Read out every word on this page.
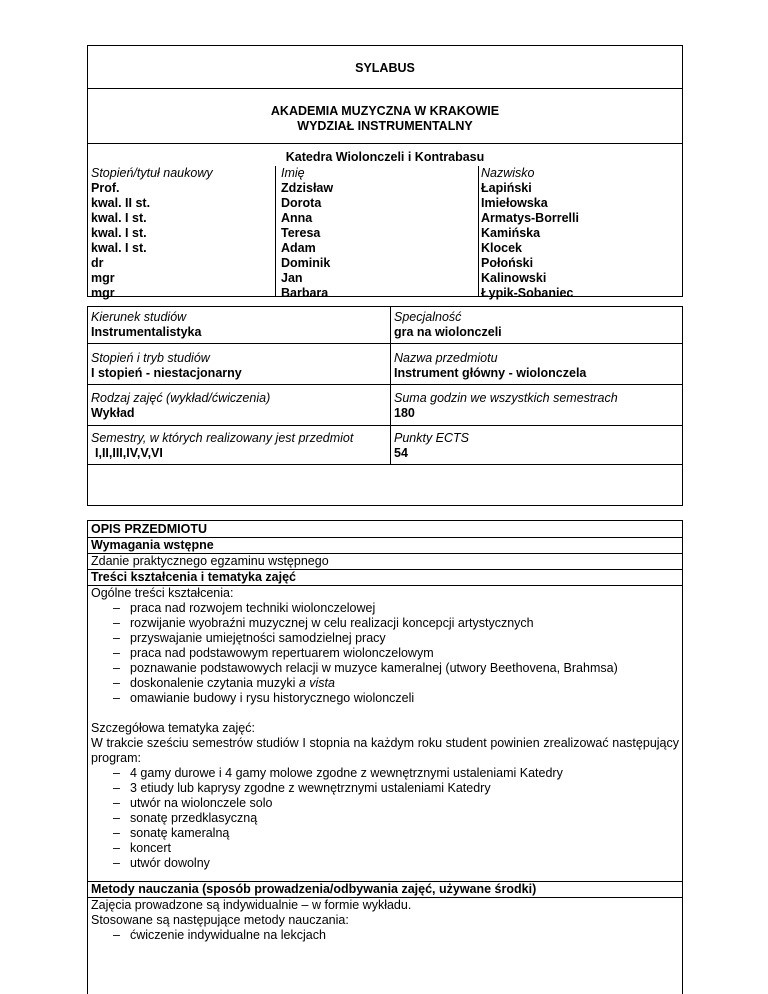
SYLABUS
AKADEMIA MUZYCZNA W KRAKOWIE
WYDZIAŁ INSTRUMENTALNY
Katedra Wiolonczeli i Kontrabasu
Stopień/tytuł naukowy
Prof.
kwal. II st.
kwal. I st.
kwal. I st.
kwal. I st.
dr
mgr
mgr
Imię
Zdzisław
Dorota
Anna
Teresa
Adam
Dominik
Jan
Barbara
Nazwisko
Łapiński
Imiełowska
Armatys-Borrelli
Kamińska
Klocek
Połoński
Kalinowski
Łypik-Sobaniec
Kierunek studiów
Instrumentalistyka
Specjalność
gra na wiolonczeli
Stopień i tryb studiów
I stopień - niestacjonarny
Nazwa przedmiotu
Instrument główny - wiolonczela
Rodzaj zajęć (wykład/ćwiczenia)
Wykład
Suma godzin we wszystkich semestrach
180
Semestry, w których realizowany jest przedmiot
I,II,III,IV,V,VI
Punkty ECTS
54
OPIS PRZEDMIOTU
Wymagania wstępne
Zdanie praktycznego egzaminu wstępnego
Treści kształcenia i tematyka zajęć
Ogólne treści kształcenia:
– praca nad rozwojem techniki wiolonczelowej
– rozwijanie wyobraźni muzycznej w celu realizacji koncepcji artystycznych
– przyswajanie umiejętności samodzielnej pracy
– praca nad podstawowym repertuarem wiolonczelowym
– poznawanie podstawowych relacji w muzyce kameralnej (utwory Beethovena, Brahmsa)
– doskonalenie czytania muzyki a vista
– omawianie budowy i rysu historycznego wiolonczeli
Szczegółowa tematyka zajęć:
W trakcie sześciu semestrów studiów I stopnia na każdym roku student powinien zrealizować następujący program:
– 4 gamy durowe i 4 gamy molowe zgodne z wewnętrznymi ustaleniami Katedry
– 3 etiudy lub kaprysy zgodne z wewnętrznymi ustaleniami Katedry
– utwór na wiolonczele solo
– sonatę przedklasyczną
– sonatę kameralną
– koncert
– utwór dowolny
Metody nauczania (sposób prowadzenia/odbywania zajęć, używane środki)
Zajęcia prowadzone są indywidualnie – w formie wykładu.
Stosowane są następujące metody nauczania:
– ćwiczenie indywidualne na lekcjach
